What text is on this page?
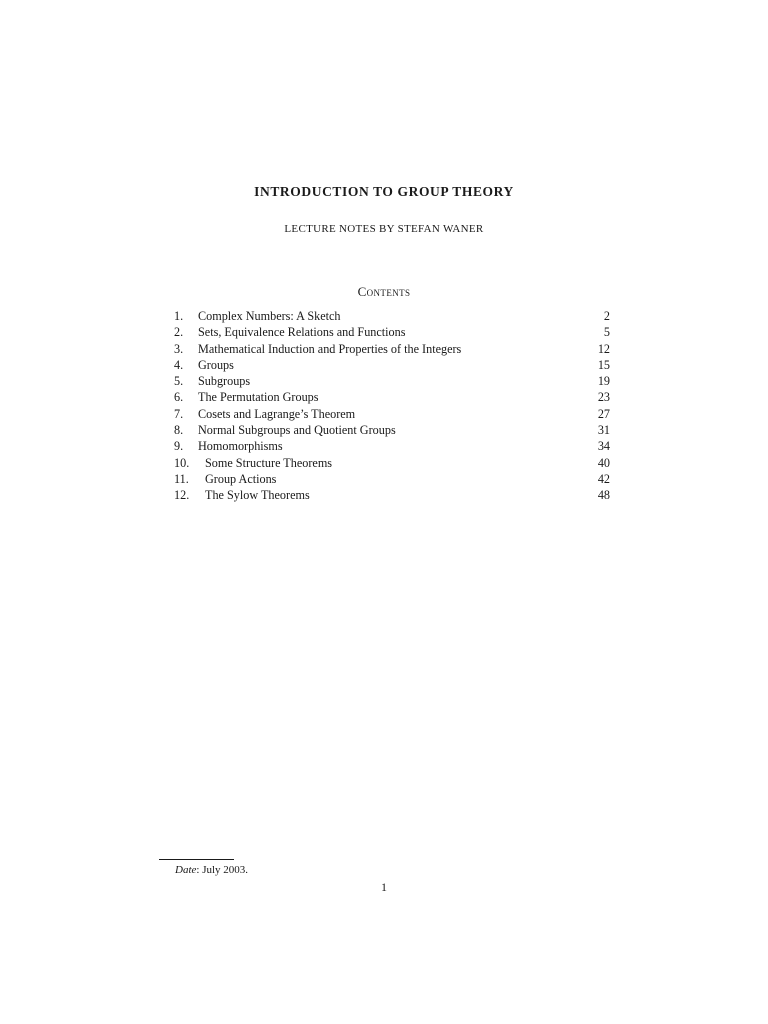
INTRODUCTION TO GROUP THEORY
LECTURE NOTES BY STEFAN WANER
Contents
1. Complex Numbers: A Sketch	2
2. Sets, Equivalence Relations and Functions	5
3. Mathematical Induction and Properties of the Integers	12
4. Groups	15
5. Subgroups	19
6. The Permutation Groups	23
7. Cosets and Lagrange’s Theorem	27
8. Normal Subgroups and Quotient Groups	31
9. Homomorphisms	34
10. Some Structure Theorems	40
11. Group Actions	42
12. The Sylow Theorems	48
Date: July 2003.
1
